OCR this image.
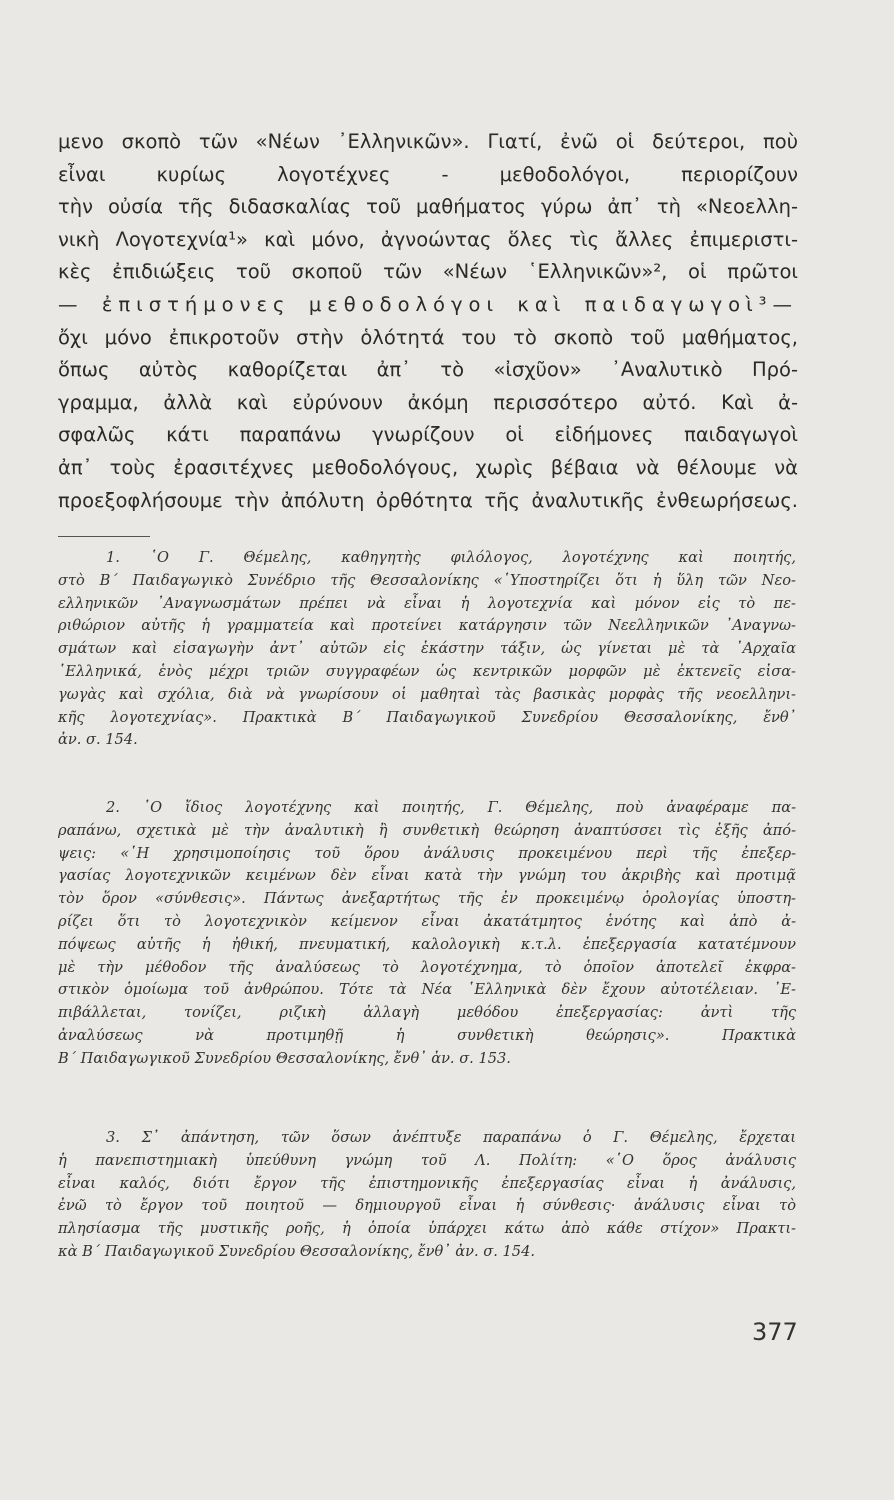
μενο σκοπὸ τῶν «Νέων ᾿Ελληνικῶν». Γιατί, ἐνῶ οἱ δεύτεροι, ποὺ
εἶναι κυρίως λογοτέχνες - μεθοδολόγοι, περιορίζουν
τὴν οὐσία τῆς διδασκαλίας τοῦ μαθήματος γύρω ἀπ᾿ τὴ «Νεοελλη-
νικὴ Λογοτεχνία¹» καὶ μόνο, ἀγνοώντας ὅλες τὶς ἄλλες ἐπιμεριστι-
κὲς ἐπιδιώξεις τοῦ σκοποῦ τῶν «Νέων ῾Ελληνικῶν»², οἱ πρῶτοι
— ἐπιστήμονες μεθοδολόγοι καὶ παιδαγωγοὶ³—
ὄχι μόνο ἐπικροτοῦν στὴν ὁλότητά του τὸ σκοπὸ τοῦ μαθήματος,
ὅπως αὐτὸς καθορίζεται ἀπ᾿ τὸ «ἰσχῦον» ᾿Αναλυτικὸ Πρό-
γραμμα, ἀλλὰ καὶ εὐρύνουν ἀκόμη περισσότερο αὐτό. Καὶ ἀ-
σφαλῶς κάτι παραπάνω γνωρίζουν οἱ εἰδήμονες παιδαγωγοὶ
ἀπ᾿ τοὺς ἐρασιτέχνες μεθοδολόγους, χωρὶς βέβαια νὰ θέλουμε νὰ
προεξοφλήσουμε τὴν ἀπόλυτη ὀρθότητα τῆς ἀναλυτικῆς ἐνθεωρήσεως.
1. ῾Ο Γ. Θέμελης, καθηγητὴς φιλόλογος, λογοτέχνης καὶ ποιητής,
στὸ Β´ Παιδαγωγικὸ Συνέδριο τῆς Θεσσαλονίκης «῾Υποστηρίζει ὅτι ἡ ὕλη τῶν Νεο-
ελληνικῶν ᾿Αναγνωσμάτων πρέπει νὰ εἶναι ἡ λογοτεχνία καὶ μόνον εἰς τὸ πε-
ριθώριον αὐτῆς ἡ γραμματεία καὶ προτείνει κατάργησιν τῶν Νεελληνικῶν ᾿Αναγνω-
σμάτων καὶ εἰσαγωγὴν ἀντ᾿ αὐτῶν εἰς ἑκάστην τάξιν, ὡς γίνεται μὲ τὰ ᾿Αρχαῖα
῾Ελληνικά, ἑνὸς μέχρι τριῶν συγγραφέων ὡς κεντρικῶν μορφῶν μὲ ἐκτενεῖς εἰσα-
γωγὰς καὶ σχόλια, διὰ νὰ γνωρίσουν οἱ μαθηταὶ τὰς βασικὰς μορφὰς τῆς νεοελληνι-
κῆς λογοτεχνίας». Πρακτικὰ Β´ Παιδαγωγικοῦ Συνεδρίου Θεσσαλονίκης, ἔνθ᾿
ἀν. σ. 154.
2. ῾Ο ἴδιος λογοτέχνης καὶ ποιητής, Γ. Θέμελης, ποὺ ἀναφέραμε πα-
ραπάνω, σχετικὰ μὲ τὴν ἀναλυτικὴ ἢ συνθετικὴ θεώρηση ἀναπτύσσει τὶς ἑξῆς ἀπό-
ψεις: «῾Η χρησιμοποίησις τοῦ ὅρου ἀνάλυσις προκειμένου περὶ τῆς ἐπεξερ-
γασίας λογοτεχνικῶν κειμένων δὲν εἶναι κατὰ τὴν γνώμη του ἀκριβὴς καὶ προτιμᾷ
τὸν ὅρον «σύνθεσις». Πάντως ἀνεξαρτήτως τῆς ἐν προκειμένῳ ὁρολογίας ὑποστη-
ρίζει ὅτι τὸ λογοτεχνικὸν κείμενον εἶναι ἀκατάτμητος ἑνότης καὶ ἀπὸ ἀ-
πόψεως αὐτῆς ἡ ἠθική, πνευματική, καλολογικὴ κ.τ.λ. ἐπεξεργασία κατατέμνουν
μὲ τὴν μέθοδον τῆς ἀναλύσεως τὸ λογοτέχνημα, τὸ ὁποῖον ἀποτελεῖ ἐκφρα-
στικὸν ὁμοίωμα τοῦ ἀνθρώπου. Τότε τὰ Νέα ῾Ελληνικὰ δὲν ἔχουν αὐτοτέλειαν. ᾿Ε-
πιβάλλεται, τονίζει, ριζικὴ ἀλλαγὴ μεθόδου ἐπεξεργασίας: ἀντὶ τῆς
ἀναλύσεως νὰ προτιμηθῇ ἡ συνθετικὴ θεώρησις». Πρακτικὰ
Β´ Παιδαγωγικοῦ Συνεδρίου Θεσσαλονίκης, ἔνθ᾿ ἀν. σ. 153.
3. Σ᾿ ἀπάντηση, τῶν ὅσων ἀνέπτυξε παραπάνω ὁ Γ. Θέμελης, ἔρχεται
ἡ πανεπιστημιακὴ ὑπεύθυνη γνώμη τοῦ Λ. Πολίτη: «῾Ο ὅρος ἀνάλυσις
εἶναι καλός, διότι ἔργον τῆς ἐπιστημονικῆς ἐπεξεργασίας εἶναι ἡ ἀνάλυσις,
ἐνῶ τὸ ἔργον τοῦ ποιητοῦ — δημιουργοῦ εἶναι ἡ σύνθεσις· ἀνάλυσις εἶναι τὸ
πλησίασμα τῆς μυστικῆς ροῆς, ἡ ὁποία ὑπάρχει κάτω ἀπὸ κάθε στίχον» Πρακτι-
κὰ Β´ Παιδαγωγικοῦ Συνεδρίου Θεσσαλονίκης, ἔνθ᾿ ἀν. σ. 154.
377
